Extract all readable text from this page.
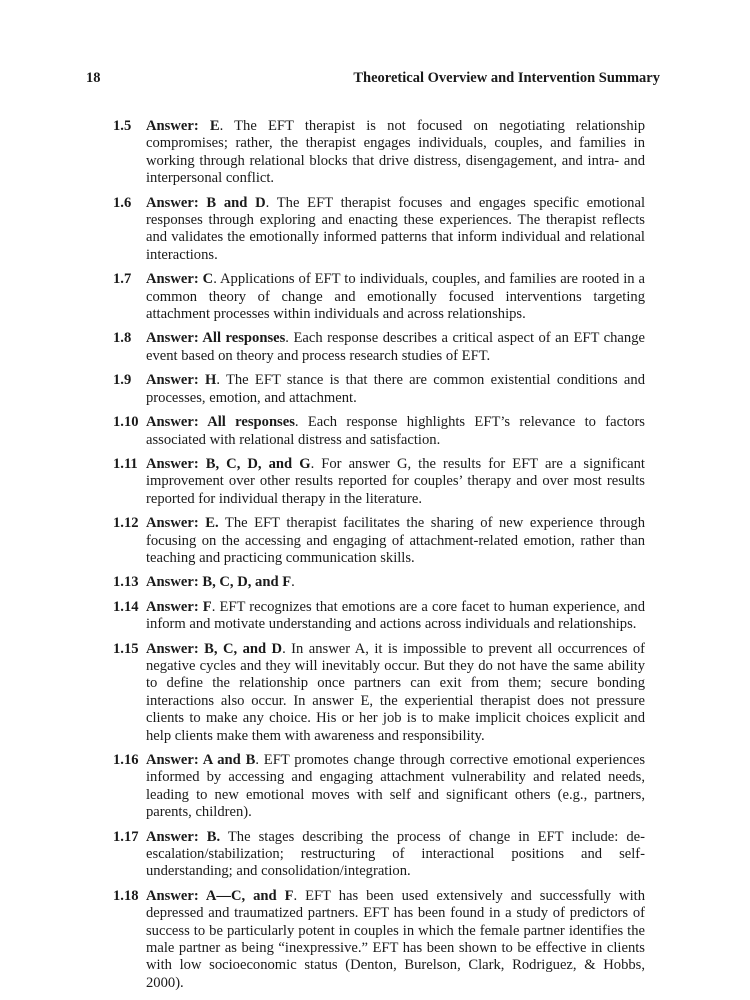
18	Theoretical Overview and Intervention Summary
1.5	Answer: E. The EFT therapist is not focused on negotiating relationship compromises; rather, the therapist engages individuals, couples, and families in working through relational blocks that drive distress, disengagement, and intra- and interpersonal conflict.
1.6	Answer: B and D. The EFT therapist focuses and engages specific emotional responses through exploring and enacting these experiences. The therapist reflects and validates the emotionally informed patterns that inform individual and relational interactions.
1.7	Answer: C. Applications of EFT to individuals, couples, and families are rooted in a common theory of change and emotionally focused interventions targeting attachment processes within individuals and across relationships.
1.8	Answer: All responses. Each response describes a critical aspect of an EFT change event based on theory and process research studies of EFT.
1.9	Answer: H. The EFT stance is that there are common existential conditions and processes, emotion, and attachment.
1.10 Answer: All responses. Each response highlights EFT’s relevance to factors associated with relational distress and satisfaction.
1.11 Answer: B, C, D, and G. For answer G, the results for EFT are a significant improvement over other results reported for couples’ therapy and over most results reported for individual therapy in the literature.
1.12 Answer: E. The EFT therapist facilitates the sharing of new experience through focusing on the accessing and engaging of attachment-related emotion, rather than teaching and practicing communication skills.
1.13 Answer: B, C, D, and F.
1.14 Answer: F. EFT recognizes that emotions are a core facet to human experience, and inform and motivate understanding and actions across individuals and relationships.
1.15 Answer: B, C, and D. In answer A, it is impossible to prevent all occurrences of negative cycles and they will inevitably occur. But they do not have the same ability to define the relationship once partners can exit from them; secure bonding interactions also occur. In answer E, the experiential therapist does not pressure clients to make any choice. His or her job is to make implicit choices explicit and help clients make them with awareness and responsibility.
1.16 Answer: A and B. EFT promotes change through corrective emotional experiences informed by accessing and engaging attachment vulnerability and related needs, leading to new emotional moves with self and significant others (e.g., partners, parents, children).
1.17 Answer: B. The stages describing the process of change in EFT include: de-escalation/stabilization; restructuring of interactional positions and self-understanding; and consolidation/integration.
1.18 Answer: A—C, and F. EFT has been used extensively and successfully with depressed and traumatized partners. EFT has been found in a study of predictors of success to be particularly potent in couples in which the female partner identifies the male partner as being “inexpressive.” EFT has been shown to be effective in clients with low socioeconomic status (Denton, Burelson, Clark, Rodriguez, & Hobbs, 2000).
